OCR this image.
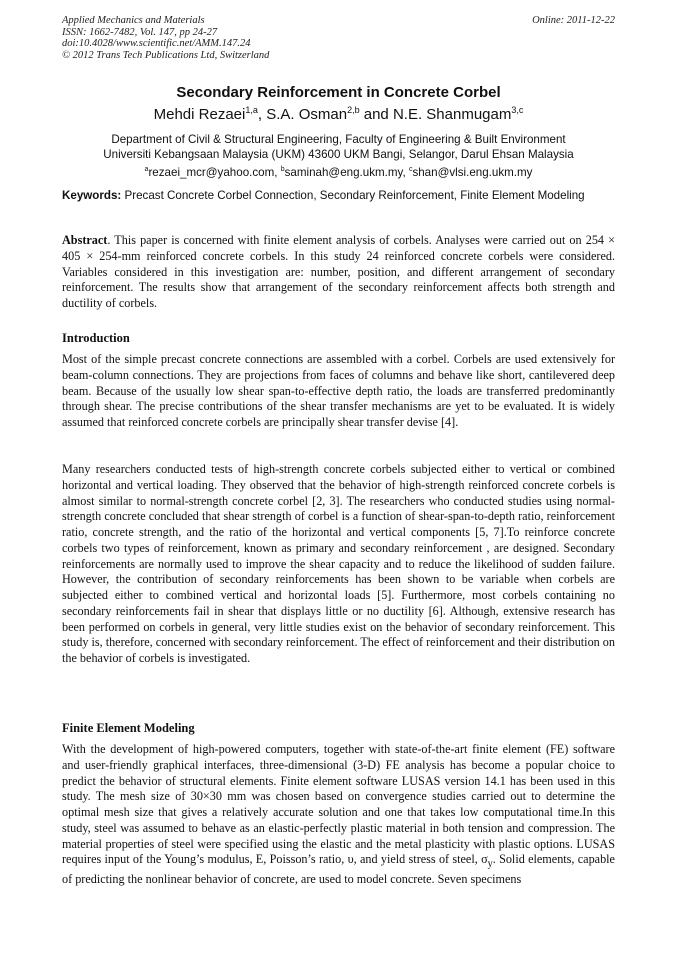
Applied Mechanics and Materials
ISSN: 1662-7482, Vol. 147, pp 24-27
doi:10.4028/www.scientific.net/AMM.147.24
© 2012 Trans Tech Publications Ltd, Switzerland
Online: 2011-12-22
Secondary Reinforcement in Concrete Corbel
Mehdi Rezaei$^{1,a}$, S.A. Osman$^{2,b}$ and N.E. Shanmugam$^{3,c}$
Department of Civil & Structural Engineering, Faculty of Engineering & Built Environment
Universiti Kebangsaan Malaysia (UKM) 43600 UKM Bangi, Selangor, Darul Ehsan Malaysia
$^a$rezaei_mcr@yahoo.com, $^b$saminah@eng.ukm.my, $^c$shan@vlsi.eng.ukm.my
Keywords: Precast Concrete Corbel Connection, Secondary Reinforcement, Finite Element Modeling
Abstract. This paper is concerned with finite element analysis of corbels. Analyses were carried out on 254 × 405 × 254-mm reinforced concrete corbels. In this study 24 reinforced concrete corbels were considered. Variables considered in this investigation are: number, position, and different arrangement of secondary reinforcement. The results show that arrangement of the secondary reinforcement affects both strength and ductility of corbels.
Introduction
Most of the simple precast concrete connections are assembled with a corbel. Corbels are used extensively for beam-column connections. They are projections from faces of columns and behave like short, cantilevered deep beam. Because of the usually low shear span-to-effective depth ratio, the loads are transferred predominantly through shear. The precise contributions of the shear transfer mechanisms are yet to be evaluated. It is widely assumed that reinforced concrete corbels are principally shear transfer devise [4].
Many researchers conducted tests of high-strength concrete corbels subjected either to vertical or combined horizontal and vertical loading. They observed that the behavior of high-strength reinforced concrete corbels is almost similar to normal-strength concrete corbel [2, 3]. The researchers who conducted studies using normal-strength concrete concluded that shear strength of corbel is a function of shear-span-to-depth ratio, reinforcement ratio, concrete strength, and the ratio of the horizontal and vertical components [5, 7].To reinforce concrete corbels two types of reinforcement, known as primary and secondary reinforcement , are designed. Secondary reinforcements are normally used to improve the shear capacity and to reduce the likelihood of sudden failure. However, the contribution of secondary reinforcements has been shown to be variable when corbels are subjected either to combined vertical and horizontal loads [5]. Furthermore, most corbels containing no secondary reinforcements fail in shear that displays little or no ductility [6]. Although, extensive research has been performed on corbels in general, very little studies exist on the behavior of secondary reinforcement. This study is, therefore, concerned with secondary reinforcement. The effect of reinforcement and their distribution on the behavior of corbels is investigated.
Finite Element Modeling
With the development of high-powered computers, together with state-of-the-art finite element (FE) software and user-friendly graphical interfaces, three-dimensional (3-D) FE analysis has become a popular choice to predict the behavior of structural elements. Finite element software LUSAS version 14.1 has been used in this study. The mesh size of 30×30 mm was chosen based on convergence studies carried out to determine the optimal mesh size that gives a relatively accurate solution and one that takes low computational time.In this study, steel was assumed to behave as an elastic-perfectly plastic material in both tension and compression. The material properties of steel were specified using the elastic and the metal plasticity with plastic options. LUSAS requires input of the Young’s modulus, E, Poisson’s ratio, υ, and yield stress of steel, $\sigma_y$. Solid elements, capable of predicting the nonlinear behavior of concrete, are used to model concrete. Seven specimens
